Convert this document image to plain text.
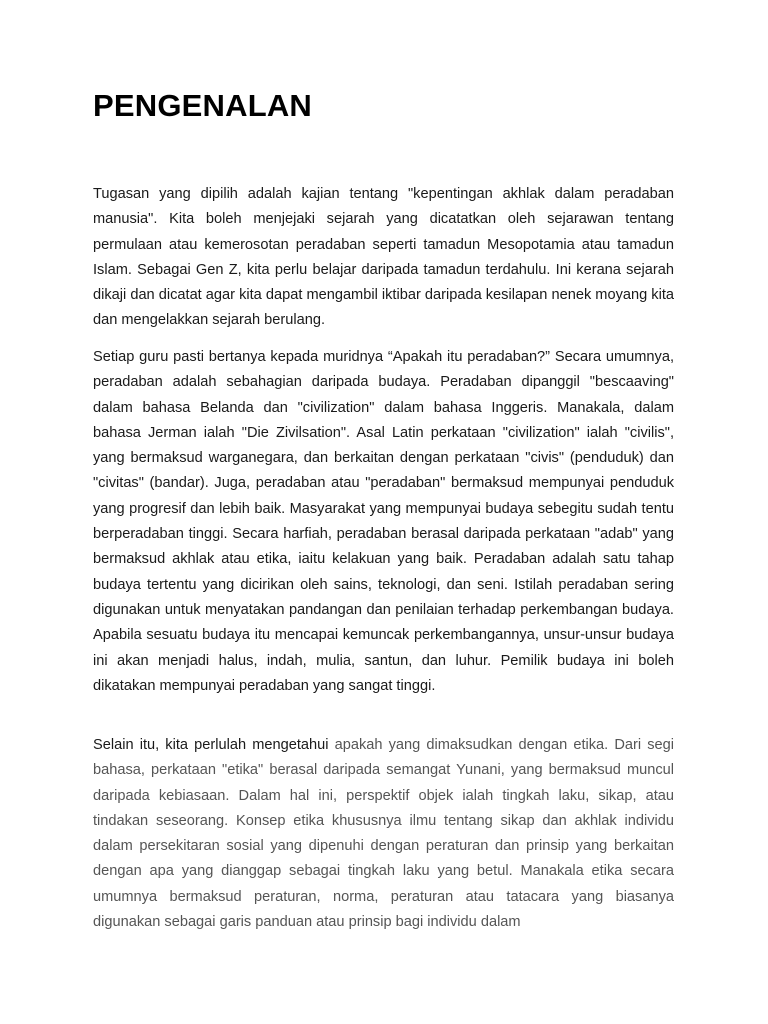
PENGENALAN

Tugasan yang dipilih adalah kajian tentang "kepentingan akhlak dalam peradaban manusia". Kita boleh menjejaki sejarah yang dicatatkan oleh sejarawan tentang permulaan atau kemerosotan peradaban seperti tamadun Mesopotamia atau tamadun Islam. Sebagai Gen Z, kita perlu belajar daripada tamadun terdahulu. Ini kerana sejarah dikaji dan dicatat agar kita dapat mengambil iktibar daripada kesilapan nenek moyang kita dan mengelakkan sejarah berulang.

Setiap guru pasti bertanya kepada muridnya “Apakah itu peradaban?” Secara umumnya, peradaban adalah sebahagian daripada budaya. Peradaban dipanggil "bescaaving" dalam bahasa Belanda dan "civilization" dalam bahasa Inggeris. Manakala, dalam bahasa Jerman ialah "Die Zivilsation". Asal Latin perkataan "civilization" ialah "civilis", yang bermaksud warganegara, dan berkaitan dengan perkataan "civis" (penduduk) dan "civitas" (bandar). Juga, peradaban atau "peradaban" bermaksud mempunyai penduduk yang progresif dan lebih baik. Masyarakat yang mempunyai budaya sebegitu sudah tentu berperadaban tinggi. Secara harfiah, peradaban berasal daripada perkataan "adab" yang bermaksud akhlak atau etika, iaitu kelakuan yang baik. Peradaban adalah satu tahap budaya tertentu yang dicirikan oleh sains, teknologi, dan seni. Istilah peradaban sering digunakan untuk menyatakan pandangan dan penilaian terhadap perkembangan budaya. Apabila sesuatu budaya itu mencapai kemuncak perkembangannya, unsur-unsur budaya ini akan menjadi halus, indah, mulia, santun, dan luhur. Pemilik budaya ini boleh dikatakan mempunyai peradaban yang sangat tinggi.

Selain itu, kita perlulah mengetahui apakah yang dimaksudkan dengan etika. Dari segi bahasa, perkataan "etika" berasal daripada semangat Yunani, yang bermaksud muncul daripada kebiasaan. Dalam hal ini, perspektif objek ialah tingkah laku, sikap, atau tindakan seseorang. Konsep etika khususnya ilmu tentang sikap dan akhlak individu dalam persekitaran sosial yang dipenuhi dengan peraturan dan prinsip yang berkaitan dengan apa yang dianggap sebagai tingkah laku yang betul. Manakala etika secara umumnya bermaksud peraturan, norma, peraturan atau tatacara yang biasanya digunakan sebagai garis panduan atau prinsip bagi individu dalam
